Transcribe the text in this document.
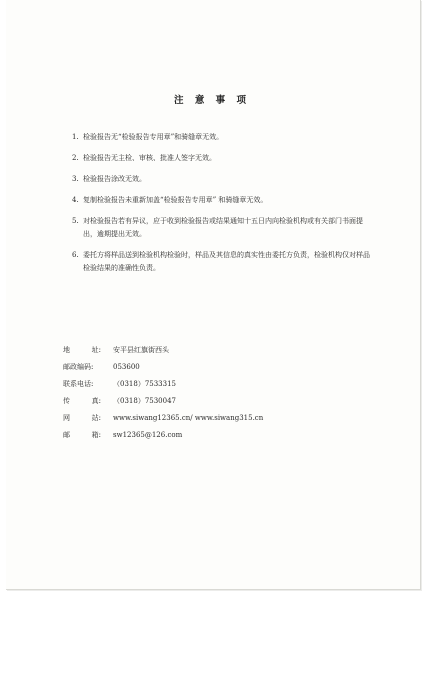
注 意 事 项
1. 检验报告无“检验报告专用章”和骑缝章无效。
2. 检验报告无主检、审核、批准人签字无效。
3. 检验报告涂改无效。
4. 复制检验报告未重新加盖“检验报告专用章” 和骑缝章无效。
5. 对检验报告若有异议，应于收到检验报告或结果通知十五日内向检验机构或有关部门书面提出，逾期提出无效。
6. 委托方将样品送到检验机构检验时，样品及其信息的真实性由委托方负责，检验机构仅对样品检验结果的准确性负责。
地	址: 安平县红旗街西头
邮政编码:	053600
联系电话:	（0318）7533315
传	真: （0318）7530047
网	站: www.siwang12365.cn/ www.siwang315.cn
邮	箱: sw12365@126.com
